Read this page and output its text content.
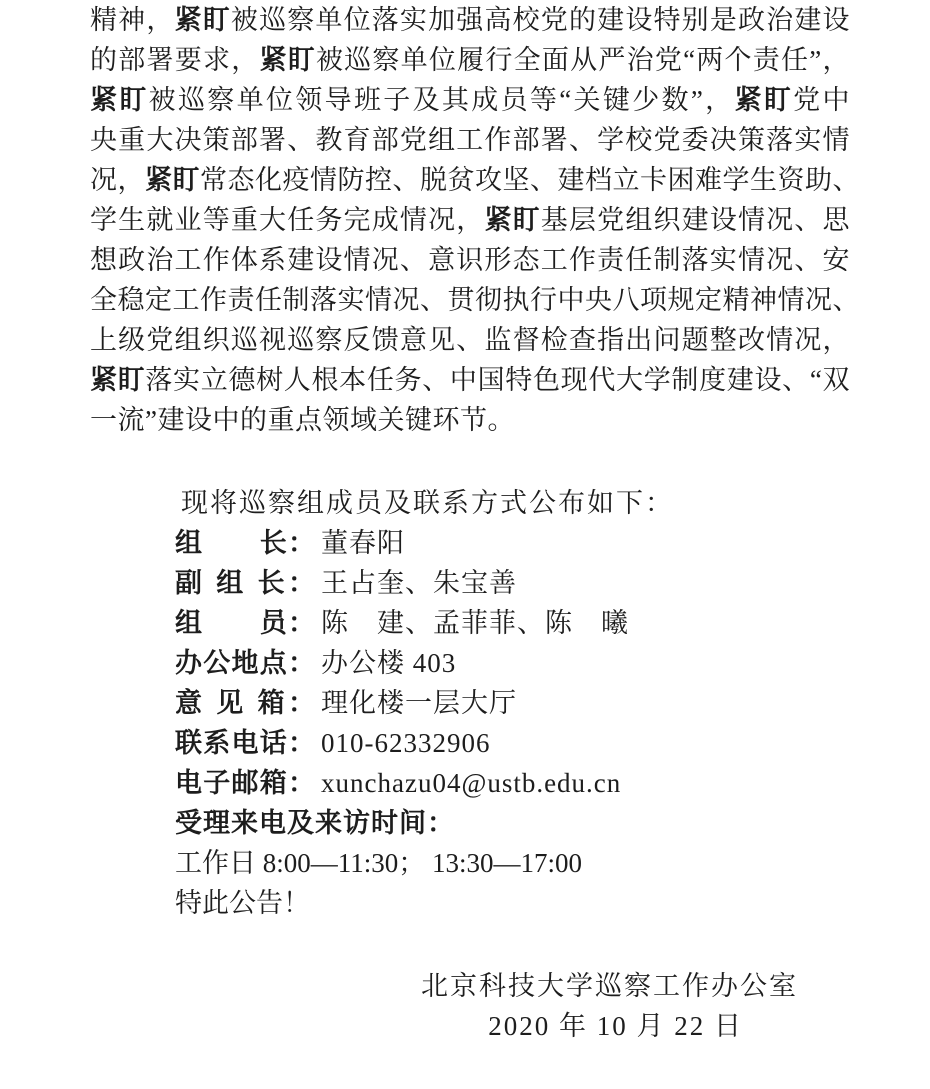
精神，紧盯被巡察单位落实加强高校党的建设特别是政治建设
的部署要求，紧盯被巡察单位履行全面从严治党“两个责任”，
紧盯被巡察单位领导班子及其成员等“关键少数”，紧盯党中
央重大决策部署、教育部党组工作部署、学校党委决策落实情
况，紧盯常态化疫情防控、脱贫攻坚、建档立卡困难学生资助、
学生就业等重大任务完成情况，紧盯基层党组织建设情况、思
想政治工作体系建设情况、意识形态工作责任制落实情况、安
全稳定工作责任制落实情况、贯彻执行中央八项规定精神情况、
上级党组织巡视巡察反馈意见、监督检查指出问题整改情况，
紧盯落实立德树人根本任务、中国特色现代大学制度建设、“双
一流”建设中的重点领域关键环节。
现将巡察组成员及联系方式公布如下：
组　　长： 董春阳
副 组 长： 王占奎、朱宝善
组　　员： 陈　建、孟菲菲、陈　曦
办公地点： 办公楼 403
意 见 箱： 理化楼一层大厅
联系电话： 010-62332906
电子邮箱： xunchazu04@ustb.edu.cn
受理来电及来访时间：
工作日 8:00—11:30； 13:30—17:00
特此公告！
北京科技大学巡察工作办公室
2020 年 10 月 22 日
